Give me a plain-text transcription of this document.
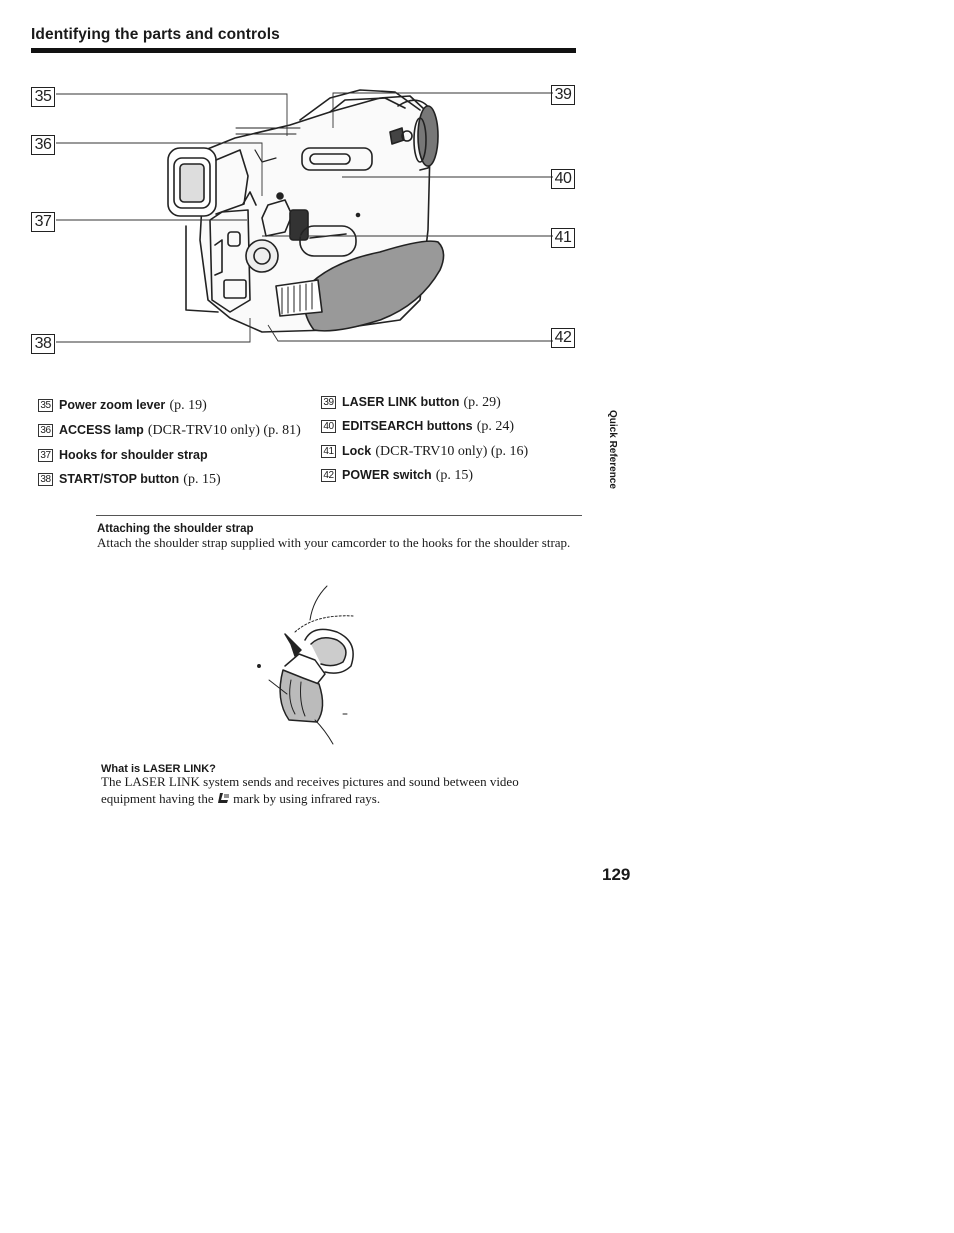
Identifying the parts and controls
35
36
37
38
39
40
41
42
35 Power zoom lever (p. 19)
36 ACCESS lamp (DCR-TRV10 only) (p. 81)
37 Hooks for shoulder strap
38 START/STOP button (p. 15)
39 LASER LINK button (p. 29)
40 EDITSEARCH buttons (p. 24)
41 Lock (DCR-TRV10 only) (p. 16)
42 POWER switch (p. 15)	Quick Reference
Attaching the shoulder strap
Attach the shoulder strap supplied with your camcorder to the hooks for the shoulder strap.
What is LASER LINK?
The LASER LINK system sends and receives pictures and sound between video equipment having the mark by using infrared rays.
129
